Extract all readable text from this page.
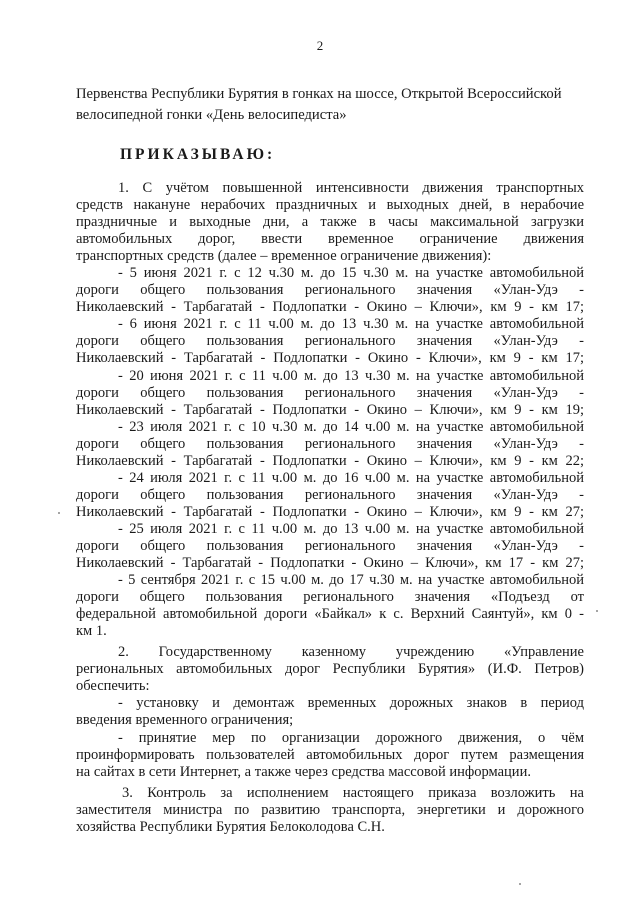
2
Первенства Республики Бурятия в гонках на шоссе, Открытой Всероссийской
велосипедной гонки «День велосипедиста»
ПРИКАЗЫВАЮ:
1. С учётом повышенной интенсивности движения транспортных
средств накануне нерабочих праздничных и выходных дней, в нерабочие
праздничные и выходные дни, а также в часы максимальной загрузки
автомобильных дорог, ввести временное ограничение движения
транспортных средств (далее – временное ограничение движения):
- 5 июня 2021 г. с 12 ч.30 м. до 15 ч.30 м. на участке автомобильной
дороги общего пользования регионального значения «Улан-Удэ -
Николаевский - Тарбагатай - Подлопатки - Окино – Ключи», км 9 - км 17;
- 6 июня 2021 г. с 11 ч.00 м. до 13 ч.30 м. на участке автомобильной
дороги общего пользования регионального значения «Улан-Удэ -
Николаевский - Тарбагатай - Подлопатки - Окино - Ключи», км 9 - км 17;
- 20 июня 2021 г. с 11 ч.00 м. до 13 ч.30 м. на участке автомобильной
дороги общего пользования регионального значения «Улан-Удэ -
Николаевский - Тарбагатай - Подлопатки - Окино – Ключи», км 9 - км 19;
- 23 июля 2021 г. с 10 ч.30 м. до 14 ч.00 м. на участке автомобильной
дороги общего пользования регионального значения «Улан-Удэ -
Николаевский - Тарбагатай - Подлопатки - Окино – Ключи», км 9 - км 22;
- 24 июля 2021 г. с 11 ч.00 м. до 16 ч.00 м. на участке автомобильной
дороги общего пользования регионального значения «Улан-Удэ -
Николаевский - Тарбагатай - Подлопатки - Окино – Ключи», км 9 - км 27;
- 25 июля 2021 г. с 11 ч.00 м. до 13 ч.00 м. на участке автомобильной
дороги общего пользования регионального значения «Улан-Удэ -
Николаевский - Тарбагатай - Подлопатки - Окино – Ключи», км 17 - км 27;
- 5 сентября 2021 г. с 15 ч.00 м. до 17 ч.30 м. на участке автомобильной
дороги общего пользования регионального значения «Подъезд от
федеральной автомобильной дороги «Байкал» к с. Верхний Саянтуй», км 0 -
км 1.
2. Государственному казенному учреждению «Управление
региональных автомобильных дорог Республики Бурятия» (И.Ф. Петров)
обеспечить:
- установку и демонтаж временных дорожных знаков в период
введения временного ограничения;
- принятие мер по организации дорожного движения, о чём
проинформировать пользователей автомобильных дорог путем размещения
на сайтах в сети Интернет, а также через средства массовой информации.
3. Контроль за исполнением настоящего приказа возложить на
заместителя министра по развитию транспорта, энергетики и дорожного
хозяйства Республики Бурятия Белоколодова С.Н.
